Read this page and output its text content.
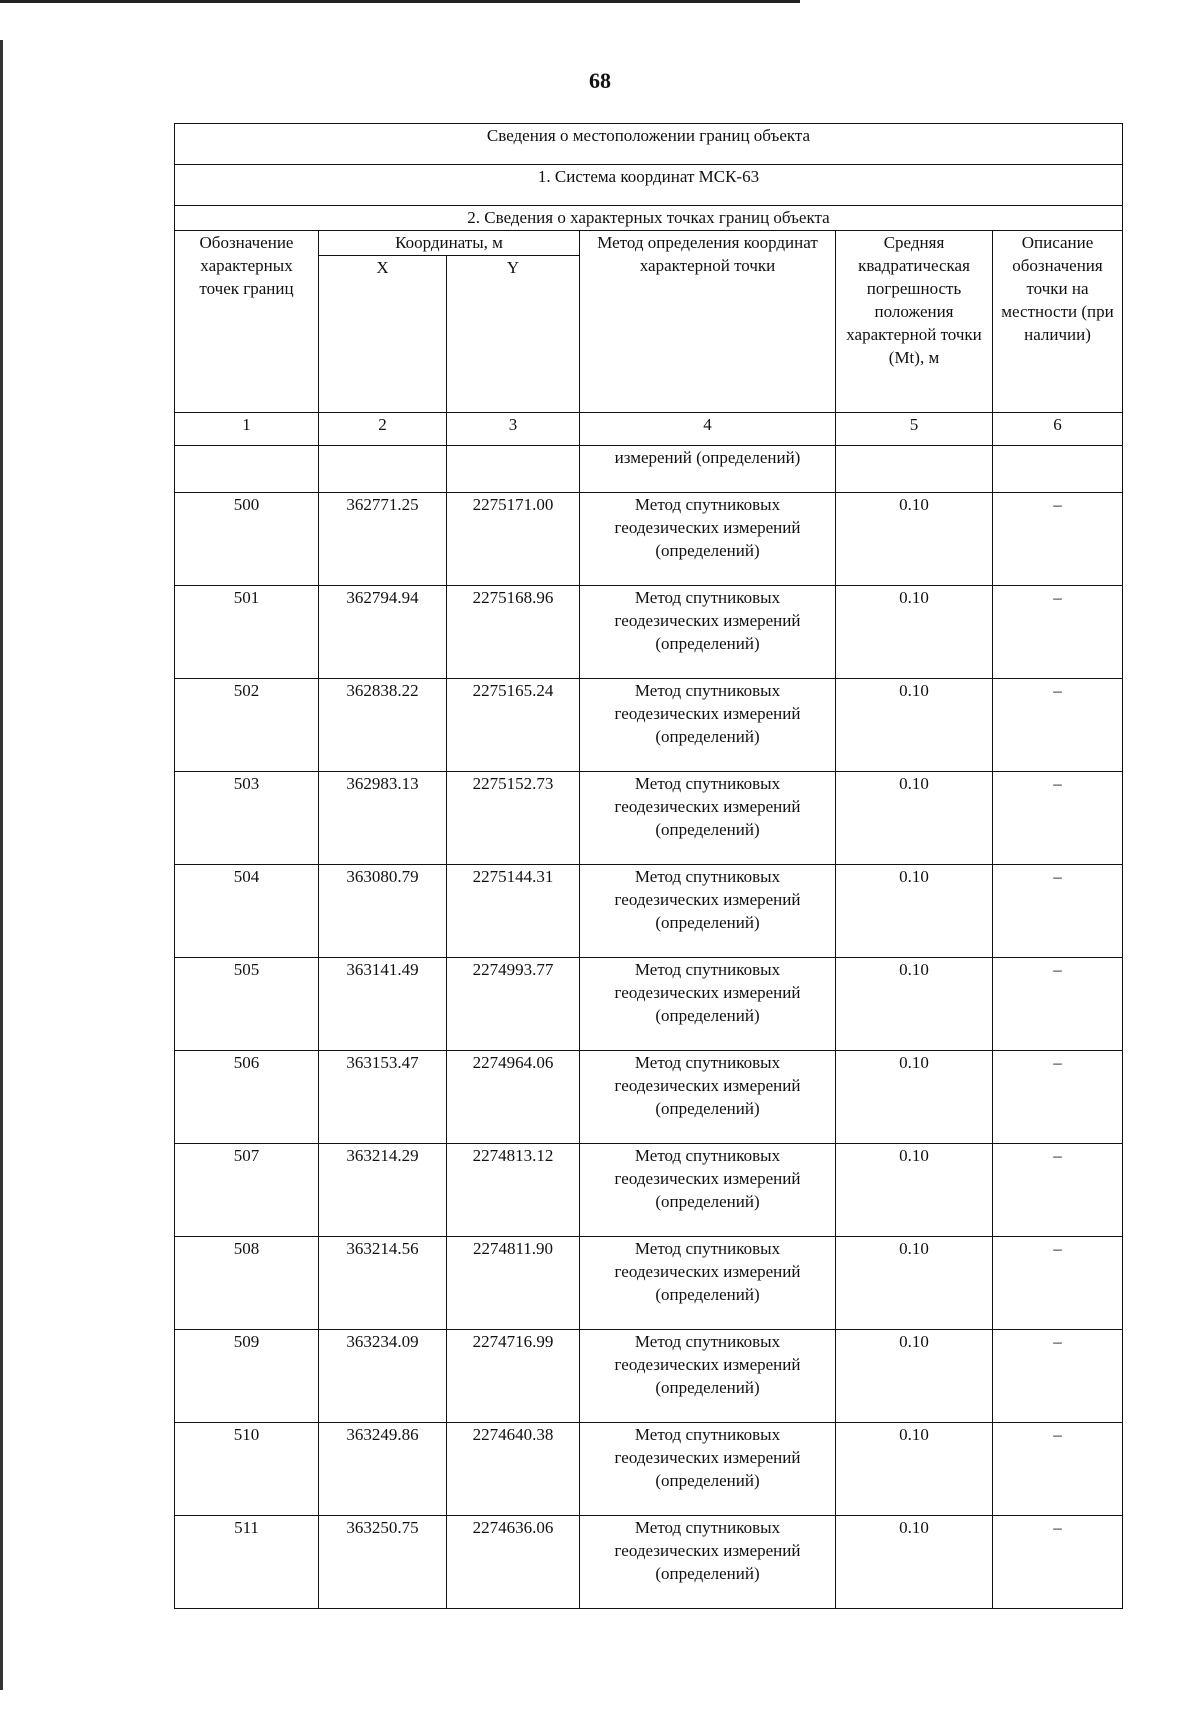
68
Сведения о местоположении границ объекта					
1. Система координат МСК-63					
2. Сведения о характерных точках границ объекта					
Обозначение характерных точек границ	Координаты, м		Метод определения координат характерной точки	Средняя квадратическая погрешность положения характерной точки (Mt), м	Описание обозначения точки на местности (при наличии)
	X	Y			
1	2	3	4	5	6
			измерений (определений)		
500	362771.25	2275171.00	Метод спутниковых геодезических измерений (определений)	0.10	–
501	362794.94	2275168.96	Метод спутниковых геодезических измерений (определений)	0.10	–
502	362838.22	2275165.24	Метод спутниковых геодезических измерений (определений)	0.10	–
503	362983.13	2275152.73	Метод спутниковых геодезических измерений (определений)	0.10	–
504	363080.79	2275144.31	Метод спутниковых геодезических измерений (определений)	0.10	–
505	363141.49	2274993.77	Метод спутниковых геодезических измерений (определений)	0.10	–
506	363153.47	2274964.06	Метод спутниковых геодезических измерений (определений)	0.10	–
507	363214.29	2274813.12	Метод спутниковых геодезических измерений (определений)	0.10	–
508	363214.56	2274811.90	Метод спутниковых геодезических измерений (определений)	0.10	–
509	363234.09	2274716.99	Метод спутниковых геодезических измерений (определений)	0.10	–
510	363249.86	2274640.38	Метод спутниковых геодезических измерений (определений)	0.10	–
511	363250.75	2274636.06	Метод спутниковых геодезических измерений (определений)	0.10	–
